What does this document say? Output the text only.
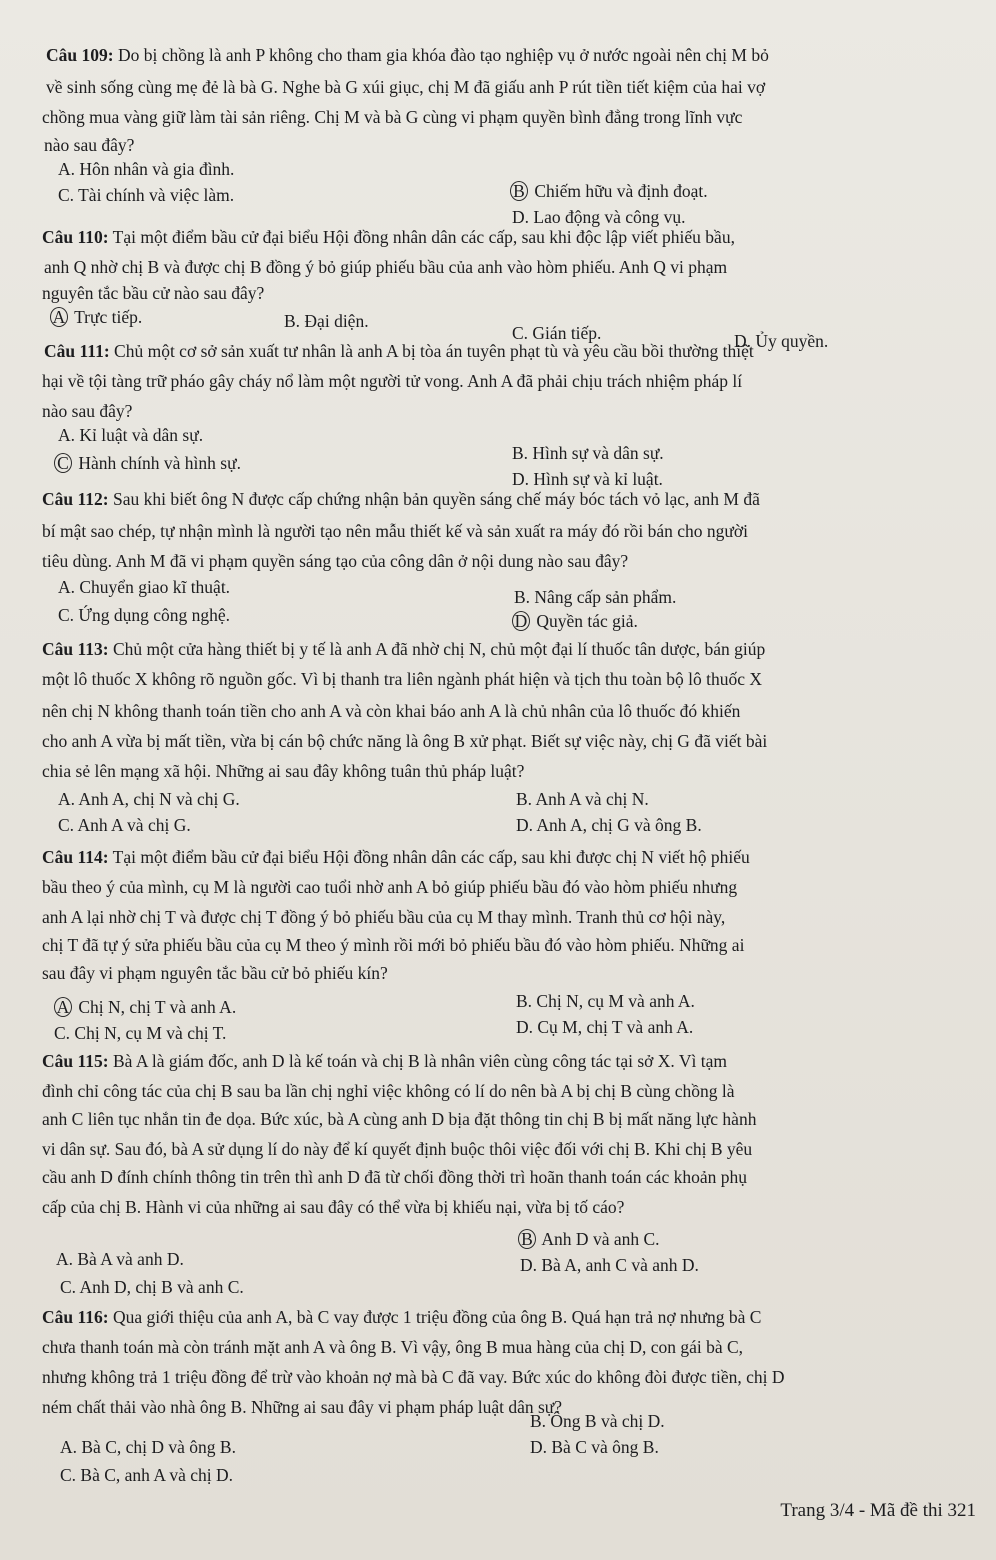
Câu 109: Do bị chồng là anh P không cho tham gia khóa đào tạo nghiệp vụ ở nước ngoài nên chị M bỏ
về sinh sống cùng mẹ đẻ là bà G. Nghe bà G xúi giục, chị M đã giấu anh P rút tiền tiết kiệm của hai vợ
chồng mua vàng giữ làm tài sản riêng. Chị M và bà G cùng vi phạm quyền bình đẳng trong lĩnh vực
nào sau đây?
A. Hôn nhân và gia đình.
C. Tài chính và việc làm.	B Chiếm hữu và định đoạt.
D. Lao động và công vụ.
Câu 110: Tại một điểm bầu cử đại biểu Hội đồng nhân dân các cấp, sau khi độc lập viết phiếu bầu,
anh Q nhờ chị B và được chị B đồng ý bỏ giúp phiếu bầu của anh vào hòm phiếu. Anh Q vi phạm
nguyên tắc bầu cử nào sau đây?
A Trực tiếp.	B. Đại diện.
C. Gián tiếp.	D. Ủy quyền.
Câu 111: Chủ một cơ sở sản xuất tư nhân là anh A bị tòa án tuyên phạt tù và yêu cầu bồi thường thiệt
hại về tội tàng trữ pháo gây cháy nổ làm một người tử vong. Anh A đã phải chịu trách nhiệm pháp lí
nào sau đây?
A. Kỉ luật và dân sự.
B. Hình sự và dân sự.
C Hành chính và hình sự.
D. Hình sự và kỉ luật.
Câu 112: Sau khi biết ông N được cấp chứng nhận bản quyền sáng chế máy bóc tách vỏ lạc, anh M đã
bí mật sao chép, tự nhận mình là người tạo nên mẫu thiết kế và sản xuất ra máy đó rồi bán cho người
tiêu dùng. Anh M đã vi phạm quyền sáng tạo của công dân ở nội dung nào sau đây?
A. Chuyển giao kĩ thuật.	B. Nâng cấp sản phẩm.
C. Ứng dụng công nghệ.	D Quyền tác giả.
Câu 113: Chủ một cửa hàng thiết bị y tế là anh A đã nhờ chị N, chủ một đại lí thuốc tân dược, bán giúp
một lô thuốc X không rõ nguồn gốc. Vì bị thanh tra liên ngành phát hiện và tịch thu toàn bộ lô thuốc X
nên chị N không thanh toán tiền cho anh A và còn khai báo anh A là chủ nhân của lô thuốc đó khiến
cho anh A vừa bị mất tiền, vừa bị cán bộ chức năng là ông B xử phạt. Biết sự việc này, chị G đã viết bài
chia sẻ lên mạng xã hội. Những ai sau đây không tuân thủ pháp luật?
A. Anh A, chị N và chị G.	B. Anh A và chị N.
C. Anh A và chị G.	D. Anh A, chị G và ông B.
Câu 114: Tại một điểm bầu cử đại biểu Hội đồng nhân dân các cấp, sau khi được chị N viết hộ phiếu
bầu theo ý của mình, cụ M là người cao tuổi nhờ anh A bỏ giúp phiếu bầu đó vào hòm phiếu nhưng
anh A lại nhờ chị T và được chị T đồng ý bỏ phiếu bầu của cụ M thay mình. Tranh thủ cơ hội này,
chị T đã tự ý sửa phiếu bầu của cụ M theo ý mình rồi mới bỏ phiếu bầu đó vào hòm phiếu. Những ai
sau đây vi phạm nguyên tắc bầu cử bỏ phiếu kín?
A Chị N, chị T và anh A.	B. Chị N, cụ M và anh A.
C. Chị N, cụ M và chị T.	D. Cụ M, chị T và anh A.
Câu 115: Bà A là giám đốc, anh D là kế toán và chị B là nhân viên cùng công tác tại sở X. Vì tạm
đình chỉ công tác của chị B sau ba lần chị nghỉ việc không có lí do nên bà A bị chị B cùng chồng là
anh C liên tục nhắn tin đe dọa. Bức xúc, bà A cùng anh D bịa đặt thông tin chị B bị mất năng lực hành
vi dân sự. Sau đó, bà A sử dụng lí do này để kí quyết định buộc thôi việc đối với chị B. Khi chị B yêu
cầu anh D đính chính thông tin trên thì anh D đã từ chối đồng thời trì hoãn thanh toán các khoản phụ
cấp của chị B. Hành vi của những ai sau đây có thể vừa bị khiếu nại, vừa bị tố cáo?
B Anh D và anh C.
A. Bà A và anh D.	D. Bà A, anh C và anh D.
C. Anh D, chị B và anh C.
Câu 116: Qua giới thiệu của anh A, bà C vay được 1 triệu đồng của ông B. Quá hạn trả nợ nhưng bà C
chưa thanh toán mà còn tránh mặt anh A và ông B. Vì vậy, ông B mua hàng của chị D, con gái bà C,
nhưng không trả 1 triệu đồng để trừ vào khoản nợ mà bà C đã vay. Bức xúc do không đòi được tiền, chị D
ném chất thải vào nhà ông B. Những ai sau đây vi phạm pháp luật dân sự?
B. Ông B và chị D.
A. Bà C, chị D và ông B.	D. Bà C và ông B.
C. Bà C, anh A và chị D.
Trang 3/4 - Mã đề thi 321
